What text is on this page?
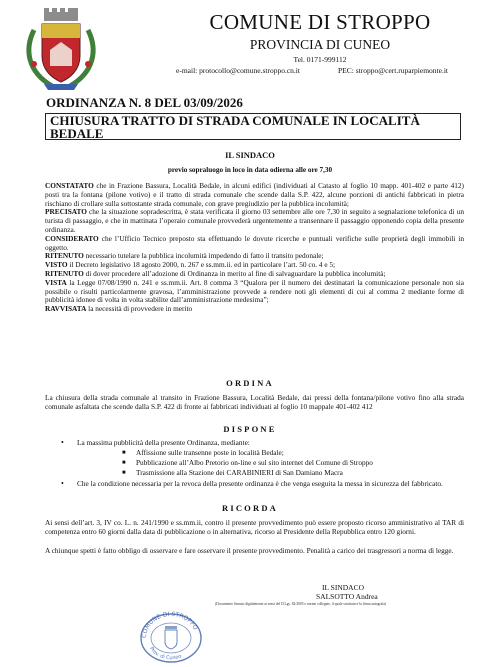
COMUNE DI STROPPO
PROVINCIA DI CUNEO
Tel. 0171-999112
e-mail: protocollo@comune.stroppo.cn.it	PEC: stroppo@cert.ruparpiemonte.it
ORDINANZA N. 8 DEL 03/09/2026
CHIUSURA TRATTO DI STRADA COMUNALE IN LOCALITÀ BEDALE
IL SINDACO
previo sopraluogo in loco in data odierna alle ore 7,30

CONSTATATO che in Frazione Bassura, Località Bedale, in alcuni edifici (individuati al Catasto al foglio 10 mapp. 401-402 e parte 412) posti tra la fontana (pilone votivo) e il tratto di strada comunale che scende dalla S.P. 422, alcune porzioni di antichi fabbricati in pietra rischiano di crollare sulla sottostante strada comunale, con grave pregiudizio per la pubblica incolumità;

PRECISATO che la situazione sopradescritta, è stata verificata il giorno 03 settembre alle ore 7,30 in seguito a segnalazione telefonica di un turista di passaggio, e che in mattinata l’operaio comunale provvederà urgentemente a transennare il passaggio opponendo copia della presente ordinanza.

CONSIDERATO che l’Ufficio Tecnico preposto sta effettuando le dovute ricerche e puntuali verifiche sulle proprietà degli immobili in oggetto.

RITENUTO necessario tutelare la pubblica incolumità impedendo di fatto il transito pedonale;

VISTO il Decreto legislativo 18 agosto 2000, n. 267 e ss.mm.ii. ed in particolare l’art. 50 co. 4 e 5;

RITENUTO di dover procedere all’adozione di Ordinanza in merito al fine di salvaguardare la pubblica incolumità;

VISTA la Legge 07/08/1990 n. 241 e ss.mm.ii. Art. 8 comma 3 “Qualora per il numero dei destinatari la comunicazione personale non sia possibile o risulti particolarmente gravosa, l’amministrazione provvede a rendere noti gli elementi di cui al comma 2 mediante forme di pubblicità idonee di volta in volta stabilite dall’amministrazione medesima”;

RAVVISATA la necessità di provvedere in merito

ORDINA
La chiusura della strada comunale al transito in Frazione Bassura, Località Bedale, dai pressi della fontana/pilone votivo fino alla strada comunale asfaltata che scende dalla S.P. 422 di fronte ai fabbricati individuati al foglio 10 mappale 401-402 412
DISPONE
• La massima pubblicità della presente Ordinanza, mediante:
■ Affissione sulle transenne poste in località Bedale;
■ Pubblicazione all’Albo Pretorio on-line e sul sito internet del Comune di Stroppo
■ Trasmissione alla Stazione dei CARABINIERI di San Damiano Macra
• Che la condizione necessaria per la revoca della presente ordinanza è che venga eseguita la messa in sicurezza del fabbricato.
RICORDA
Ai sensi dell’art. 3, IV co. L. n. 241/1990 e ss.mm.ii, contro il presente provvedimento può essere proposto ricorso amministrativo al TAR di competenza entro 60 giorni dalla data di pubblicazione o in alternativa, ricorso al Presidente della Repubblica entro 120 giorni.
A chiunque spetti è fatto obbligo di osservare e fare osservare il presente provvedimento. Penalità a carico dei trasgressori a norma di legge.
IL SINDACO
SALSOTTO Andrea
(Documento firmato digitalmente ai sensi del D.Lgs. 82/2005 e norme collegate, il quale sostituisce la firma autografa)
COMUNE DI STROPPO
Prov. di Cuneo
